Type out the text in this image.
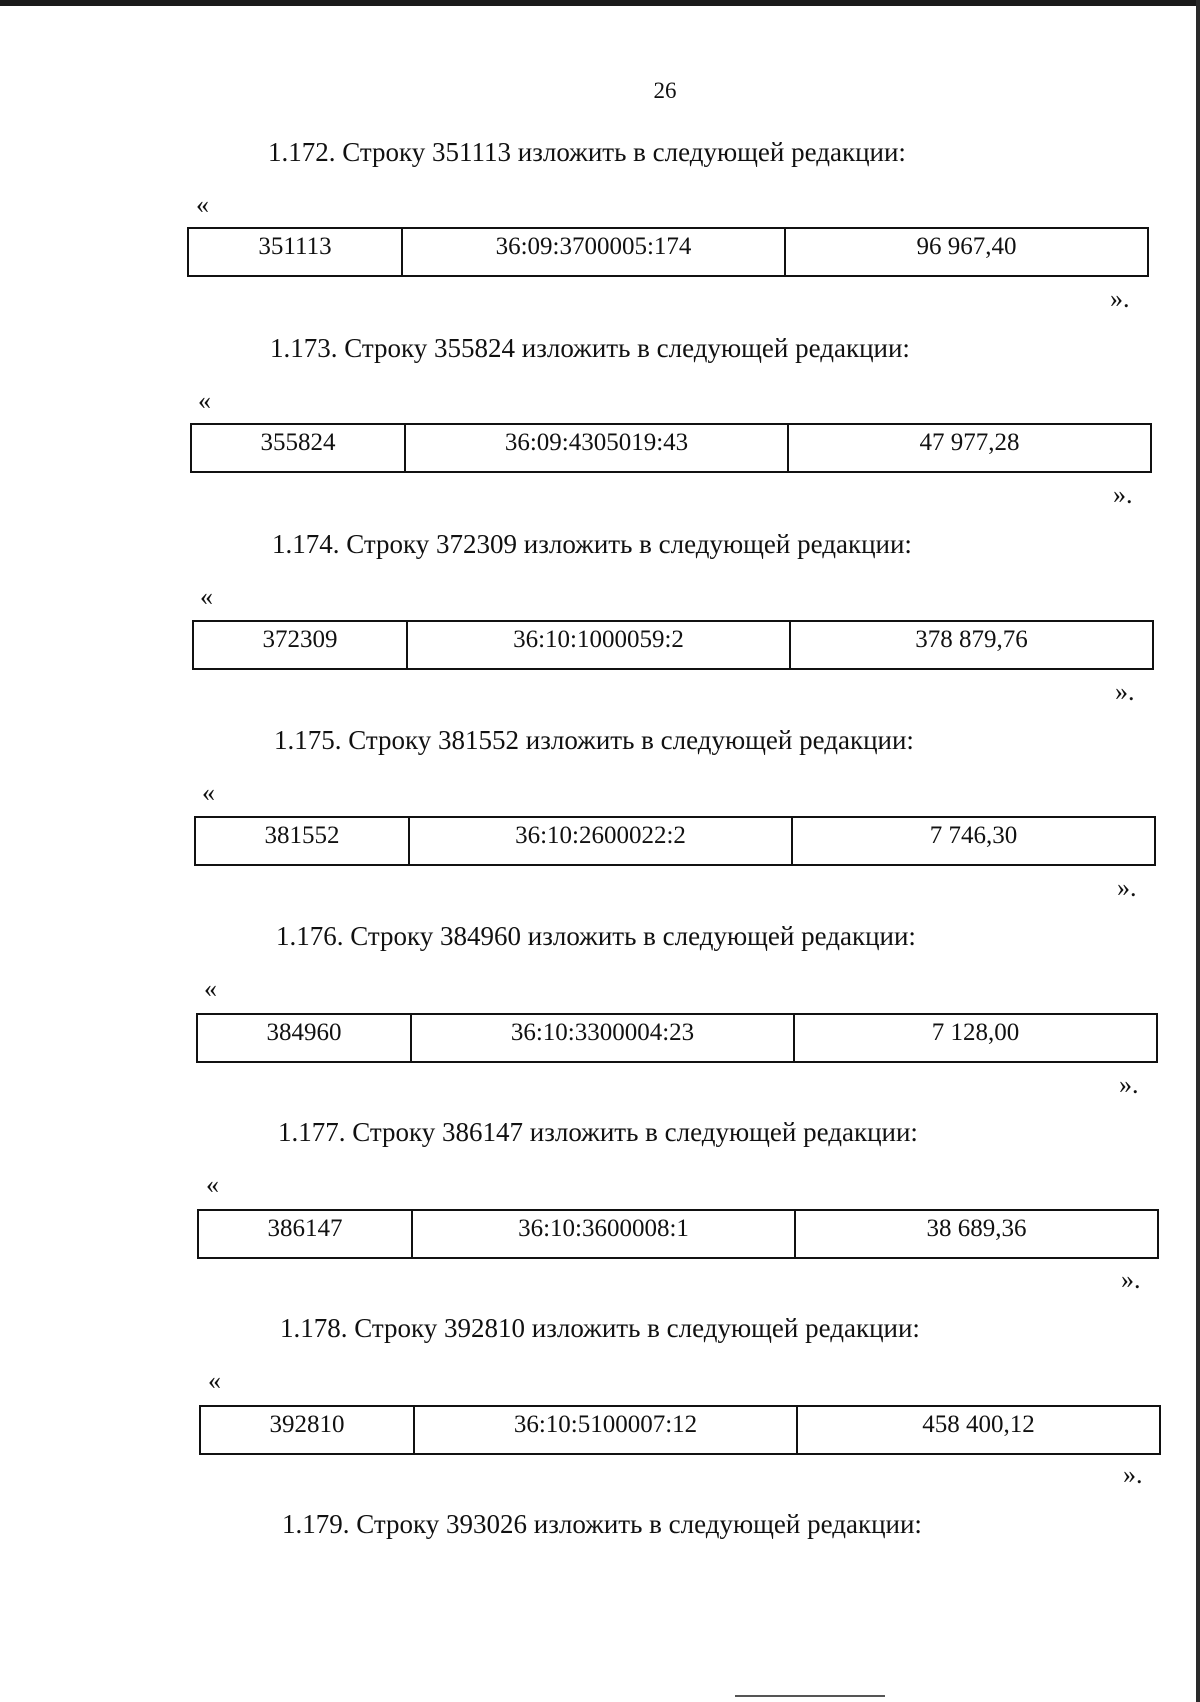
26
1.172. Строку 351113 изложить в следующей редакции:
«
351113	36:09:3700005:174	96 967,40
».
1.173. Строку 355824 изложить в следующей редакции:
«
355824	36:09:4305019:43	47 977,28
».
1.174. Строку 372309 изложить в следующей редакции:
«
372309	36:10:1000059:2	378 879,76
».
1.175. Строку 381552 изложить в следующей редакции:
«
381552	36:10:2600022:2	7 746,30
».
1.176. Строку 384960 изложить в следующей редакции:
«
384960	36:10:3300004:23	7 128,00
».
1.177. Строку 386147 изложить в следующей редакции:
«
386147	36:10:3600008:1	38 689,36
».
1.178. Строку 392810 изложить в следующей редакции:
«
392810	36:10:5100007:12	458 400,12
».
1.179. Строку 393026 изложить в следующей редакции:
